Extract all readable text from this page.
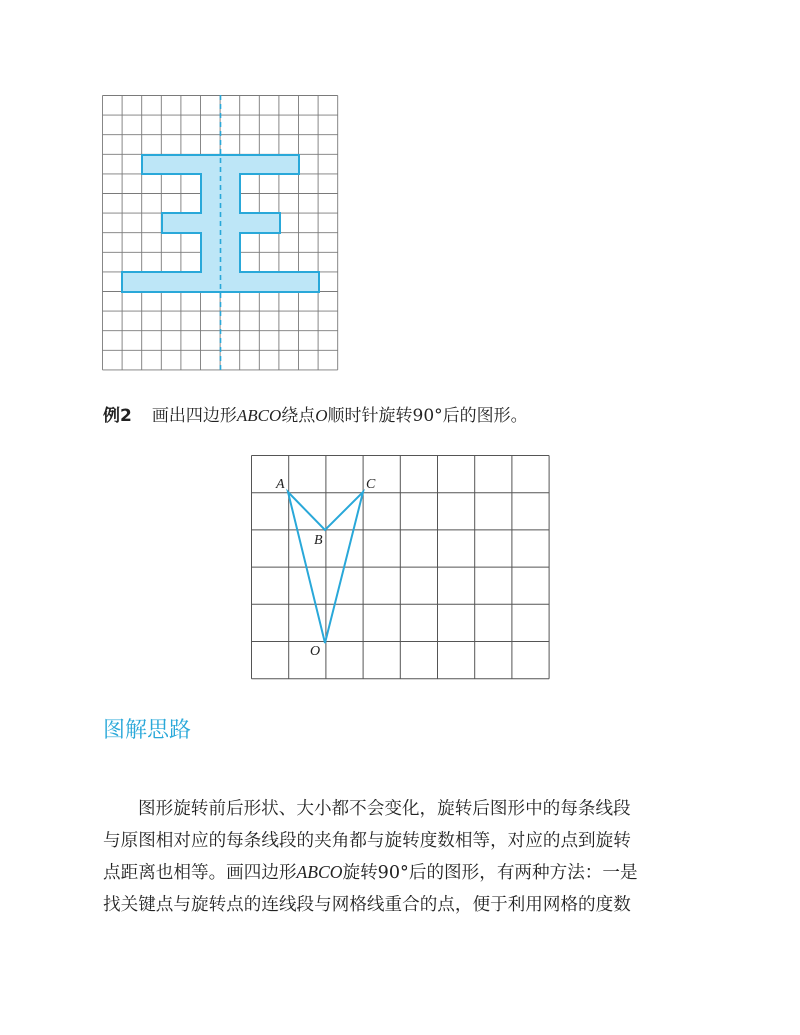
例2 画出四边形ABCO绕点O顺时针旋转90°后的图形。
A
B
C
O
图解思路
图形旋转前后形状、大小都不会变化，旋转后图形中的每条线段
与原图相对应的每条线段的夹角都与旋转度数相等，对应的点到旋转
点距离也相等。画四边形ABCO旋转90°后的图形，有两种方法：一是
找关键点与旋转点的连线段与网格线重合的点，便于利用网格的度数
